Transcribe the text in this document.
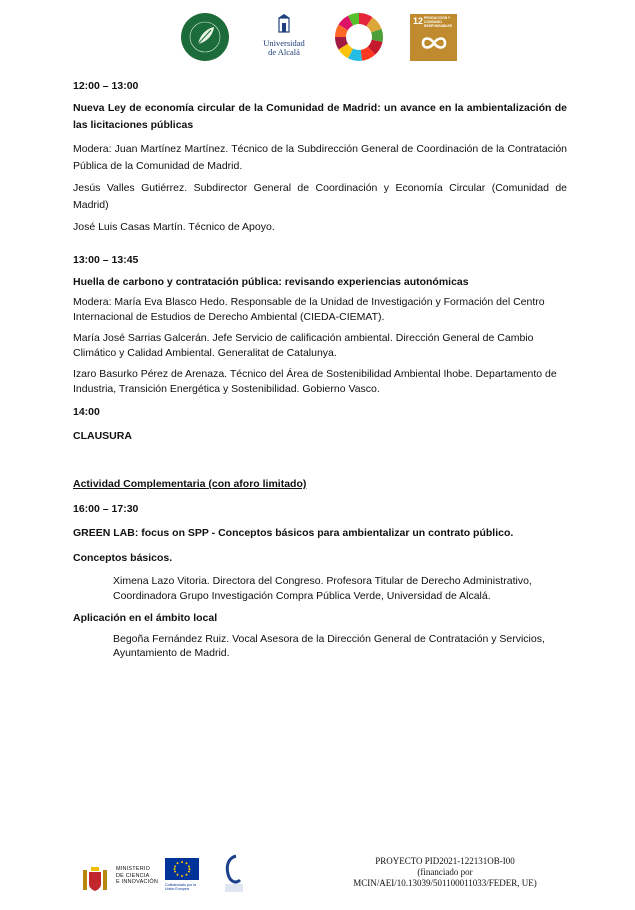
Universidad
de Alcalá
12 PRODUCCIÓN Y CONSUMO RESPONSABLES

12:00 – 13:00

Nueva Ley de economía circular de la Comunidad de Madrid: un avance en la ambientalización de las licitaciones públicas

Modera: Juan Martínez Martínez. Técnico de la Subdirección General de Coordinación de la Contratación Pública de la Comunidad de Madrid.

Jesús Valles Gutiérrez. Subdirector General de Coordinación y Economía Circular (Comunidad de Madrid)

José Luis Casas Martín. Técnico de Apoyo.

13:00 – 13:45

Huella de carbono y contratación pública: revisando experiencias autonómicas

Modera: María Eva Blasco Hedo. Responsable de la Unidad de Investigación y Formación del Centro Internacional de Estudios de Derecho Ambiental (CIEDA-CIEMAT).

María José Sarrias Galcerán. Jefe Servicio de calificación ambiental. Dirección General de Cambio Climático y Calidad Ambiental. Generalitat de Catalunya.

Izaro Basurko Pérez de Arenaza. Técnico del Área de Sostenibilidad Ambiental Ihobe. Departamento de Industria, Transición Energética y Sostenibilidad. Gobierno Vasco.

14:00

CLAUSURA

Actividad Complementaria (con aforo limitado)

16:00 – 17:30

GREEN LAB: focus on SPP - Conceptos básicos para ambientalizar un contrato público.

Conceptos básicos.

Ximena Lazo Vitoria. Directora del Congreso. Profesora Titular de Derecho Administrativo, Coordinadora Grupo Investigación Compra Pública Verde, Universidad de Alcalá.

Aplicación en el ámbito local

Begoña Fernández Ruiz. Vocal Asesora de la Dirección General de Contratación y Servicios, Ayuntamiento de Madrid.

MINISTERIO
DE CIENCIA
E INNOVACIÓN Cofinanciado por la Unión Europea
PROYECTO PID2021-122131OB-I00
(financiado por
MCIN/AEI/10.13039/501100011033/FEDER, UE)
